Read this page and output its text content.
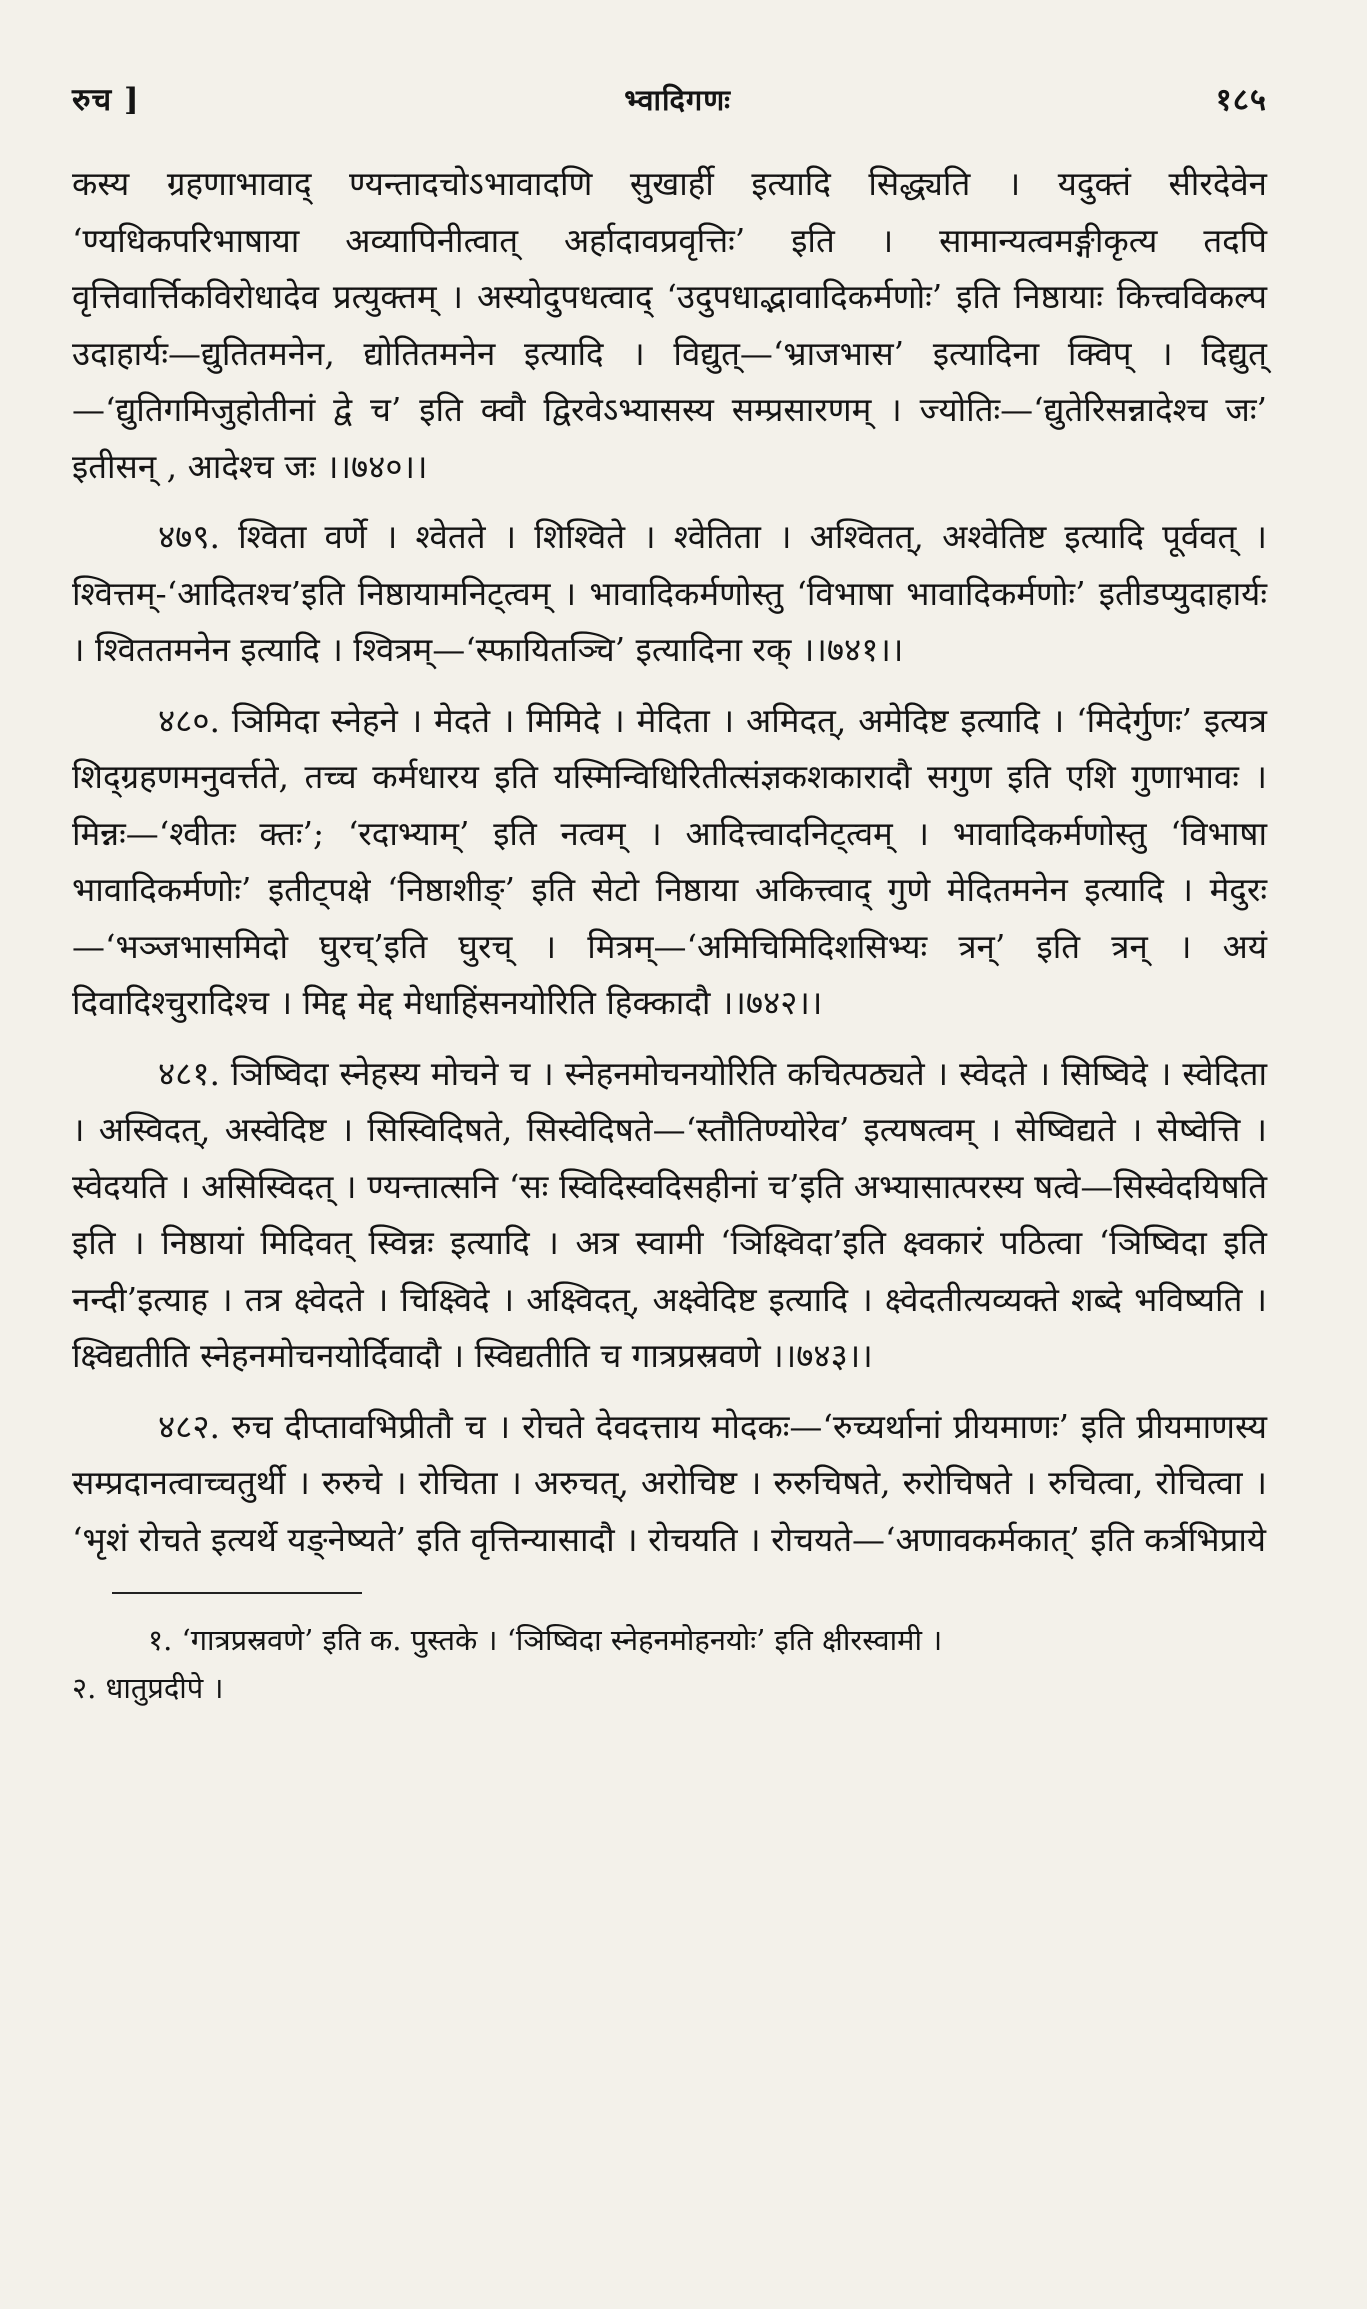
रुच ]	भ्वादिगणः	१८५

कस्य ग्रहणाभावाद् ण्यन्तादचोऽभावादणि सुखार्ही इत्यादि सिद्ध्यति । यदुक्तं सीरदेवेन ‘ण्यधिकपरिभाषाया अव्यापिनीत्वात् अर्हादावप्रवृत्तिः’ इति । सामान्यत्वमङ्गीकृत्य तदपि वृत्तिवार्त्तिकविरोधादेव प्रत्युक्तम् । अस्योदुपधत्वाद् ‘उदुपधाद्भावादिकर्मणोः’ इति निष्ठायाः कित्त्वविकल्प उदाहार्यः—द्युतितमनेन, द्योतितमनेन इत्यादि । विद्युत्—‘भ्राजभास’ इत्यादिना क्विप् । दिद्युत्—‘द्युतिगमिजुहोतीनां द्वे च’ इति क्वौ द्विरवेऽभ्यासस्य सम्प्रसारणम् । ज्योतिः—‘द्युतेरिसन्नादेश्च जः’ इतीसन् , आदेश्च जः ।।७४०।।

४७९. श्विता वर्णे । श्वेतते । शिश्विते । श्वेतिता । अश्वितत्, अश्वेतिष्ट इत्यादि पूर्ववत् । श्वित्तम्-‘आदितश्च’इति निष्ठायामनिट्त्वम् । भावादिकर्मणोस्तु ‘विभाषा भावादिकर्मणोः’ इतीडप्युदाहार्यः । श्विततमनेन इत्यादि । श्वित्रम्—‘स्फायितञ्चि’ इत्यादिना रक् ।।७४१।।

४८०. ञिमिदा स्नेहने । मेदते । मिमिदे । मेदिता । अमिदत्, अमेदिष्ट इत्यादि । ‘मिदेर्गुणः’ इत्यत्र शिद्ग्रहणमनुवर्त्तते, तच्च कर्मधारय इति यस्मिन्विधिरितीत्संज्ञकशकारादौ सगुण इति एशि गुणाभावः । मिन्नः—‘श्वीतः क्तः’; ‘रदाभ्याम्’ इति नत्वम् । आदित्त्वादनिट्त्वम् । भावादिकर्मणोस्तु ‘विभाषा भावादिकर्मणोः’ इतीट्पक्षे ‘निष्ठाशीङ्’ इति सेटो निष्ठाया अकित्त्वाद् गुणे मेदितमनेन इत्यादि । मेदुरः—‘भञ्जभासमिदो घुरच्’इति घुरच् । मित्रम्—‘अमिचिमिदिशसिभ्यः त्रन्’ इति त्रन् । अयं दिवादिश्चुरादिश्च । मिद्द मेद्द मेधाहिंसनयोरिति हिक्कादौ ।।७४२।।

४८१. ञिष्विदा स्नेहस्य मोचने च । स्नेहनमोचनयोरिति कचित्पठ्यते । स्वेदते । सिष्विदे । स्वेदिता । अस्विदत्, अस्वेदिष्ट । सिस्विदिषते, सिस्वेदिषते—‘स्तौतिण्योरेव’ इत्यषत्वम् । सेष्विद्यते । सेष्वेत्ति । स्वेदयति । असिस्विदत् । ण्यन्तात्सनि ‘सः स्विदिस्वदिसहीनां च’इति अभ्यासात्परस्य षत्वे—सिस्वेदयिषति इति । निष्ठायां मिदिवत् स्विन्नः इत्यादि । अत्र स्वामी ‘ञिक्ष्विदा’इति क्ष्वकारं पठित्वा ‘ञिष्विदा इति नन्दी’इत्याह । तत्र क्ष्वेदते । चिक्ष्विदे । अक्ष्विदत्, अक्ष्वेदिष्ट इत्यादि । क्ष्वेदतीत्यव्यक्ते शब्दे भविष्यति । क्ष्विद्यतीति स्नेहनमोचनयोर्दिवादौ । स्विद्यतीति च गात्रप्रस्रवणे ।।७४३।।

४८२. रुच दीप्तावभिप्रीतौ च । रोचते देवदत्ताय मोदकः—‘रुच्यर्थानां प्रीयमाणः’ इति प्रीयमाणस्य सम्प्रदानत्वाच्चतुर्थी । रुरुचे । रोचिता । अरुचत्, अरोचिष्ट । रुरुचिषते, रुरोचिषते । रुचित्वा, रोचित्वा । ‘भृशं रोचते इत्यर्थे यङ्नेष्यते’ इति वृत्तिन्यासादौ । रोचयति । रोचयते—‘अणावकर्मकात्’ इति कर्त्रभिप्राये

१. ‘गात्रप्रस्रवणे’ इति क. पुस्तके । ‘ञिष्विदा स्नेहनमोहनयोः’ इति क्षीरस्वामी ।

२. धातुप्रदीपे ।
